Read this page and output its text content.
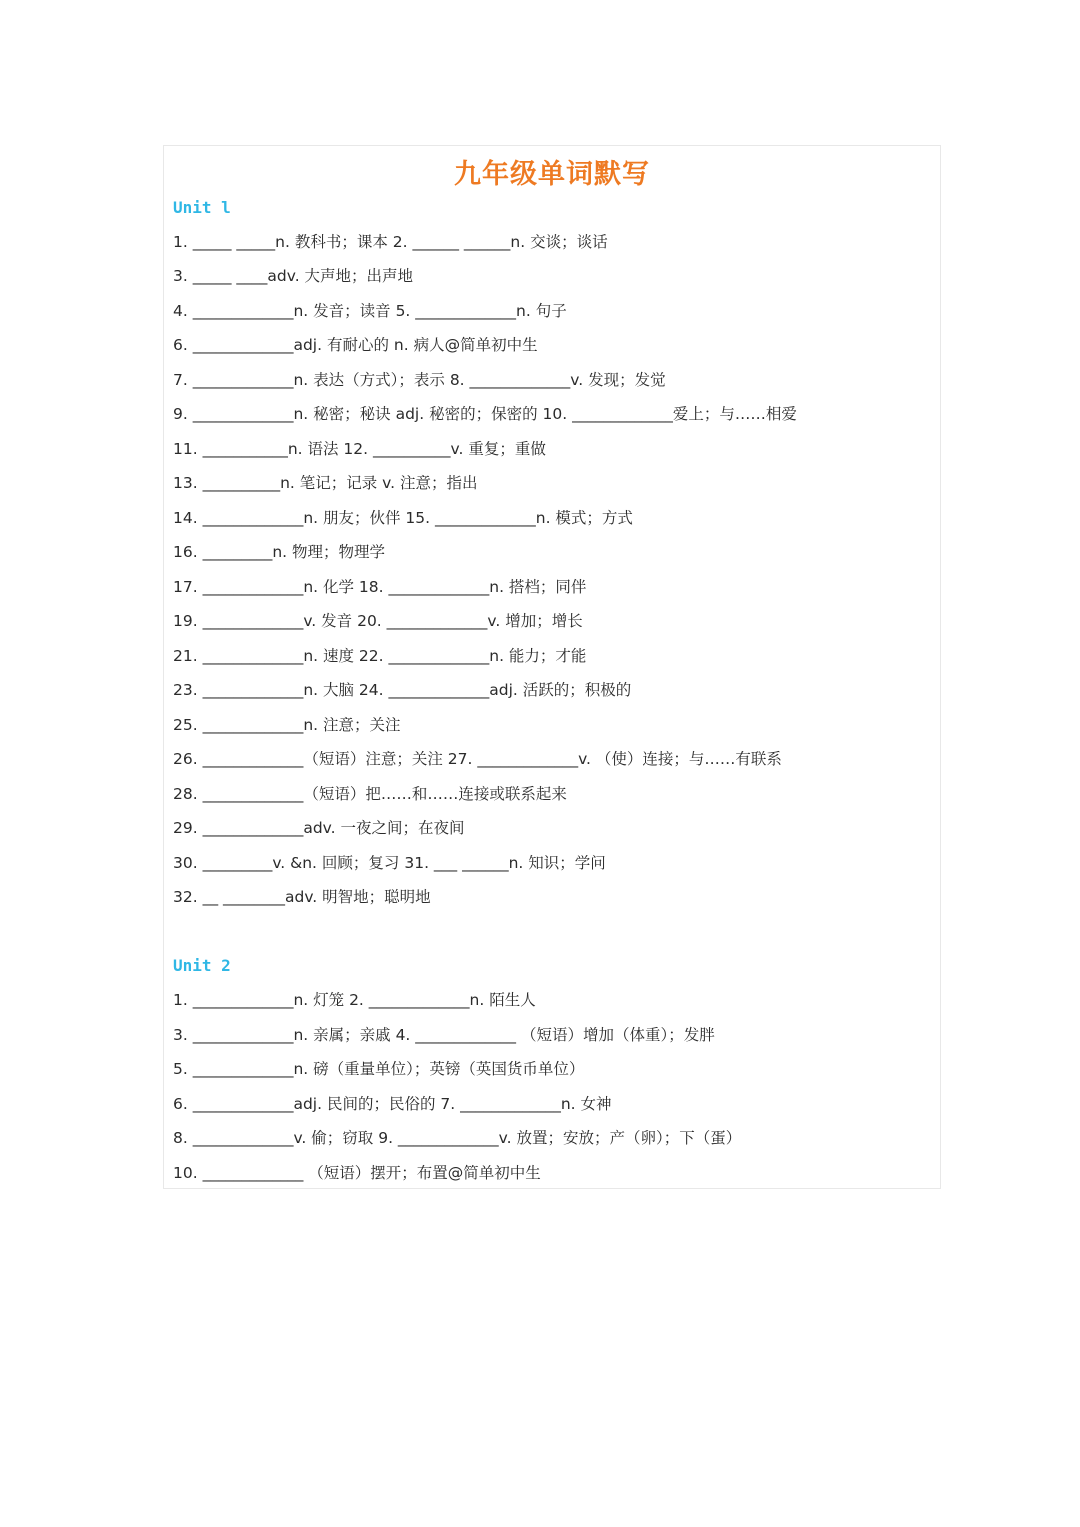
九年级单词默写
Unit l
1. _____ _____n. 教科书；课本 2. ______ ______n. 交谈；谈话
3. _____ ____adv. 大声地；出声地
4. _____________n. 发音；读音 5. _____________n. 句子
6. _____________adj. 有耐心的 n. 病人@简单初中生
7. _____________n. 表达（方式）；表示 8. _____________v. 发现；发觉
9. _____________n. 秘密；秘诀 adj. 秘密的；保密的 10. _____________爱上；与……相爱
11. ___________n. 语法 12. __________v. 重复；重做
13. __________n. 笔记；记录 v. 注意；指出
14. _____________n. 朋友；伙伴 15. _____________n. 模式；方式
16. _________n. 物理；物理学
17. _____________n. 化学 18. _____________n. 搭档；同伴
19. _____________v. 发音 20. _____________v. 增加；增长
21. _____________n. 速度 22. _____________n. 能力；才能
23. _____________n. 大脑 24. _____________adj. 活跃的；积极的
25. _____________n. 注意；关注
26. _____________（短语）注意；关注 27. _____________v. （使）连接；与……有联系
28. _____________（短语）把……和……连接或联系起来
29. _____________adv. 一夜之间；在夜间
30. _________v. &n. 回顾；复习 31. ___ ______n. 知识；学问
32. __ ________adv. 明智地；聪明地
Unit 2
1. _____________n. 灯笼 2. _____________n. 陌生人
3. _____________n. 亲属；亲戚 4. _____________ （短语）增加（体重）；发胖
5. _____________n. 磅（重量单位）；英镑（英国货币单位）
6. _____________adj. 民间的；民俗的 7. _____________n. 女神
8. _____________v. 偷；窃取 9. _____________v. 放置；安放；产（卵）；下（蛋）
10. _____________ （短语）摆开；布置@简单初中生
